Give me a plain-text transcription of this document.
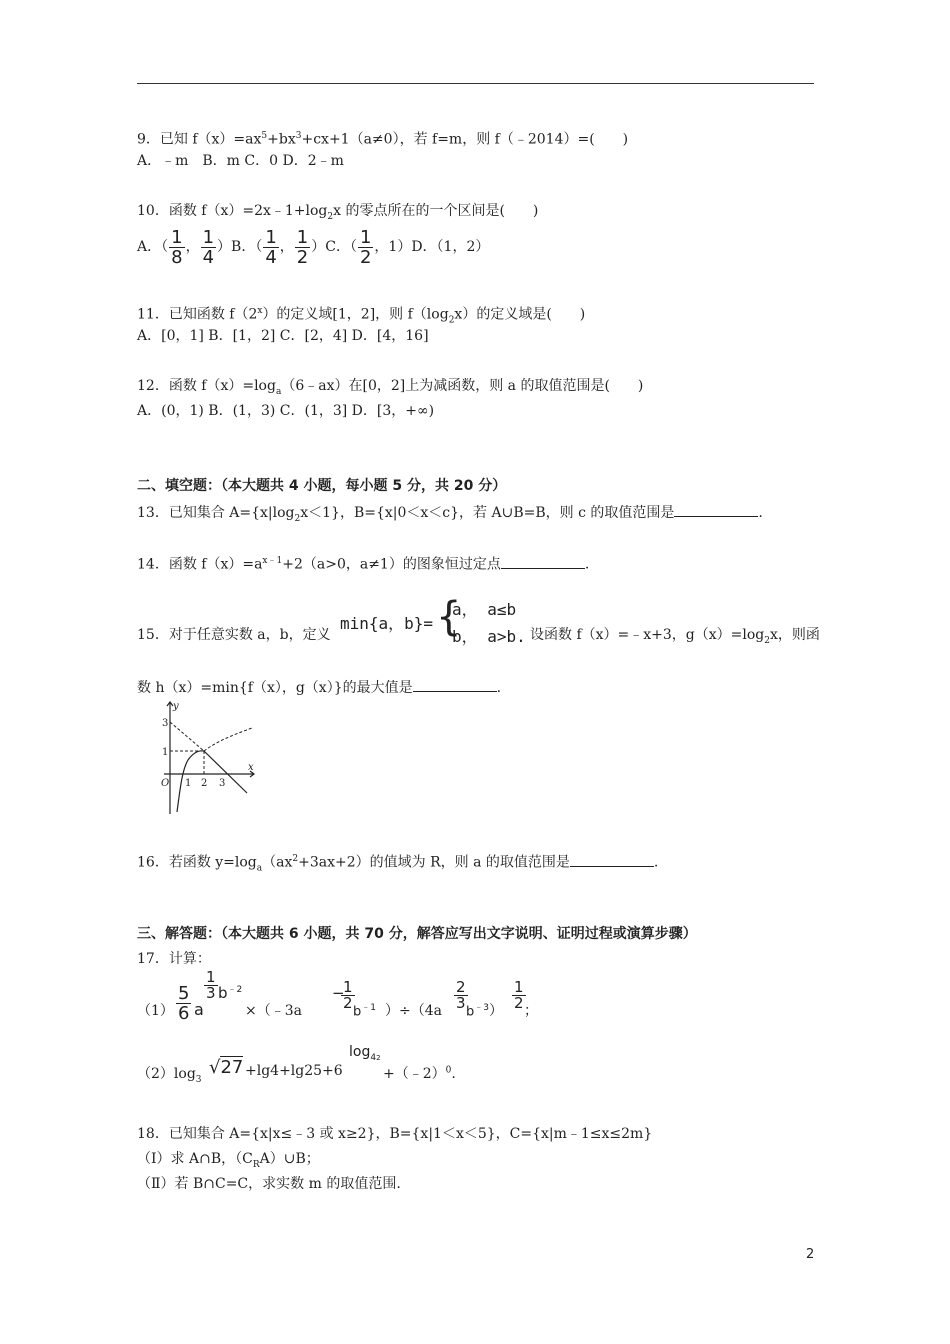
9．已知 $f(x)=ax^5+bx^3+cx+1(a\ne 0)$，若 f=m，则 f（﹣2014）=(　　)
A．﹣m　B．m C．0 D．2﹣m
10．函数 $f(x)=2x﹣1+\log_2x$ 的零点所在的一个区间是(　　)
A．（ $\frac{1}{8}$ ， $\frac{1}{4} )B$．（ $\frac{1}{4}$ ， $\frac{1}{2} )C$．（ $\frac{1}{2}$ ，1）D．（1，2）
11．已知函数 f（2$^x$）的定义域[1，2]，则 $f(\log_2x)$的定义域是(　　)
A．[0，1] B．[1，2] C．[2，4] D．[4，16]
12．函数 $f(x)=\log_a(6﹣ax)$在[0，2]上为减函数，则 a 的取值范围是(　　)
A．(0，1) B．(1，3) C．(1，3] D．[3，+∞)
二、填空题：（本大题共 4 小题，每小题 5 分，共 20 分）
13．已知集合 $A=\{x|\log_2x<1\}$，B={x|0＜x＜c}，若 A∪B=B，则 c 的取值范围是	.
14．函数 $f(x)=a^{x﹣1}+2(a>0$，a≠1）的图象恒过定点	.
15．对于任意实数 a，b，定义
min{a，b}= {
a， a≤b
b， a>b. 设函数 f（x）=﹣x+3，$g(x)=\log_2x$，则函
数 h（x）=min{f（x），g（x）}的最大值是	.
y
x
O
3
1
1 2 3
16．若函数 $y=\log_a(ax^2+3ax+2)$的值域为 R，则 a 的取值范围是	.
三、解答题：（本大题共 6 小题，共 70 分，解答应写出文字说明、证明过程或演算步骤）
17．计算：
$(1) \frac{5}{6}$ a
$\frac{1}{3} b^{﹣2}$
×（﹣3a
−
$\frac{1}{2}$
$b^{﹣1}$ ）$\div(4a \frac{2}{3}$
$b^{﹣3}$ ） $\frac{1}{2}$
；
$(2)\log_3$
√27 +lg4+lg25+6
$\log_{42}$
+（﹣2）$^0$.
18．已知集合 A={x|x≤﹣3 或 x≥2}，B={x|1＜x＜5}，C={x|m﹣1≤x≤2m}
（Ⅰ）求 A∩B，$(C_RA)\cup B$；
（Ⅱ）若 B∩C=C，求实数 m 的取值范围.
2
